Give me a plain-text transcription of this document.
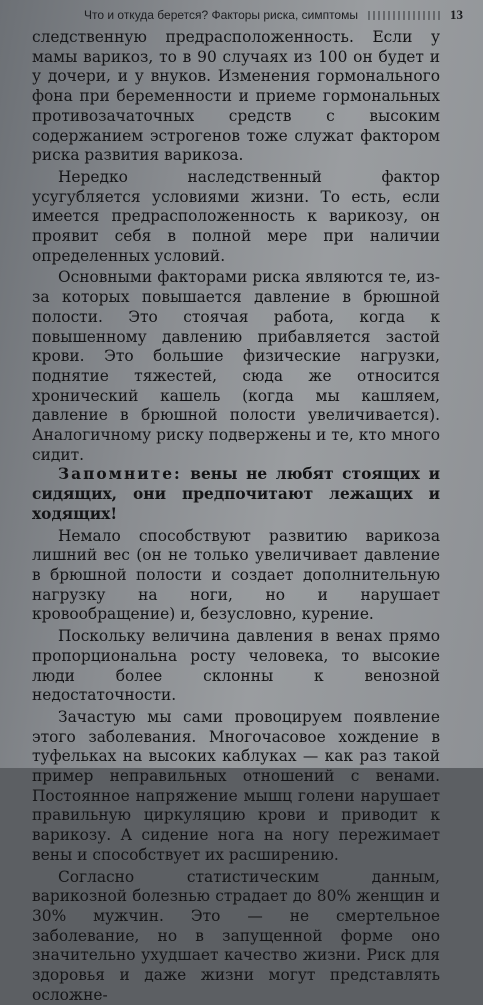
Что и откуда берется? Факторы риска, симптомы	13

следственную предрасположенность. Если у мамы варикоз, то в 90 случаях из 100 он будет и у дочери, и у внуков. Изменения гормонального фона при беременности и приеме гормональных противозачаточных средств с высоким содержанием эстрогенов тоже служат фактором риска развития варикоза.

Нередко наследственный фактор усугубляется условиями жизни. То есть, если имеется предрасположенность к варикозу, он проявит себя в полной мере при наличии определенных условий.

Основными факторами риска являются те, из-за которых повышается давление в брюшной полости. Это стоячая работа, когда к повышенному давлению прибавляется застой крови. Это большие физические нагрузки, поднятие тяжестей, сюда же относится хронический кашель (когда мы кашляем, давление в брюшной полости увеличивается). Аналогичному риску подвержены и те, кто много сидит.

Запомните: вены не любят стоящих и сидящих, они предпочитают лежащих и ходящих!

Немало способствуют развитию варикоза лишний вес (он не только увеличивает давление в брюшной полости и создает дополнительную нагрузку на ноги, но и нарушает кровообращение) и, безусловно, курение.

Поскольку величина давления в венах прямо пропорциональна росту человека, то высокие люди более склонны к венозной недостаточности.

Зачастую мы сами провоцируем появление этого заболевания. Многочасовое хождение в туфельках на высоких каблуках — как раз такой пример неправильных отношений с венами. Постоянное напряжение мышц голени нарушает правильную циркуляцию крови и приводит к варикозу. А сидение нога на ногу пережимает вены и способствует их расширению.

Согласно статистическим данным, варикозной болезнью страдает до 80% женщин и 30% мужчин. Это — не смертельное заболевание, но в запущенной форме оно значительно ухудшает качество жизни. Риск для здоровья и даже жизни могут представлять осложне-
